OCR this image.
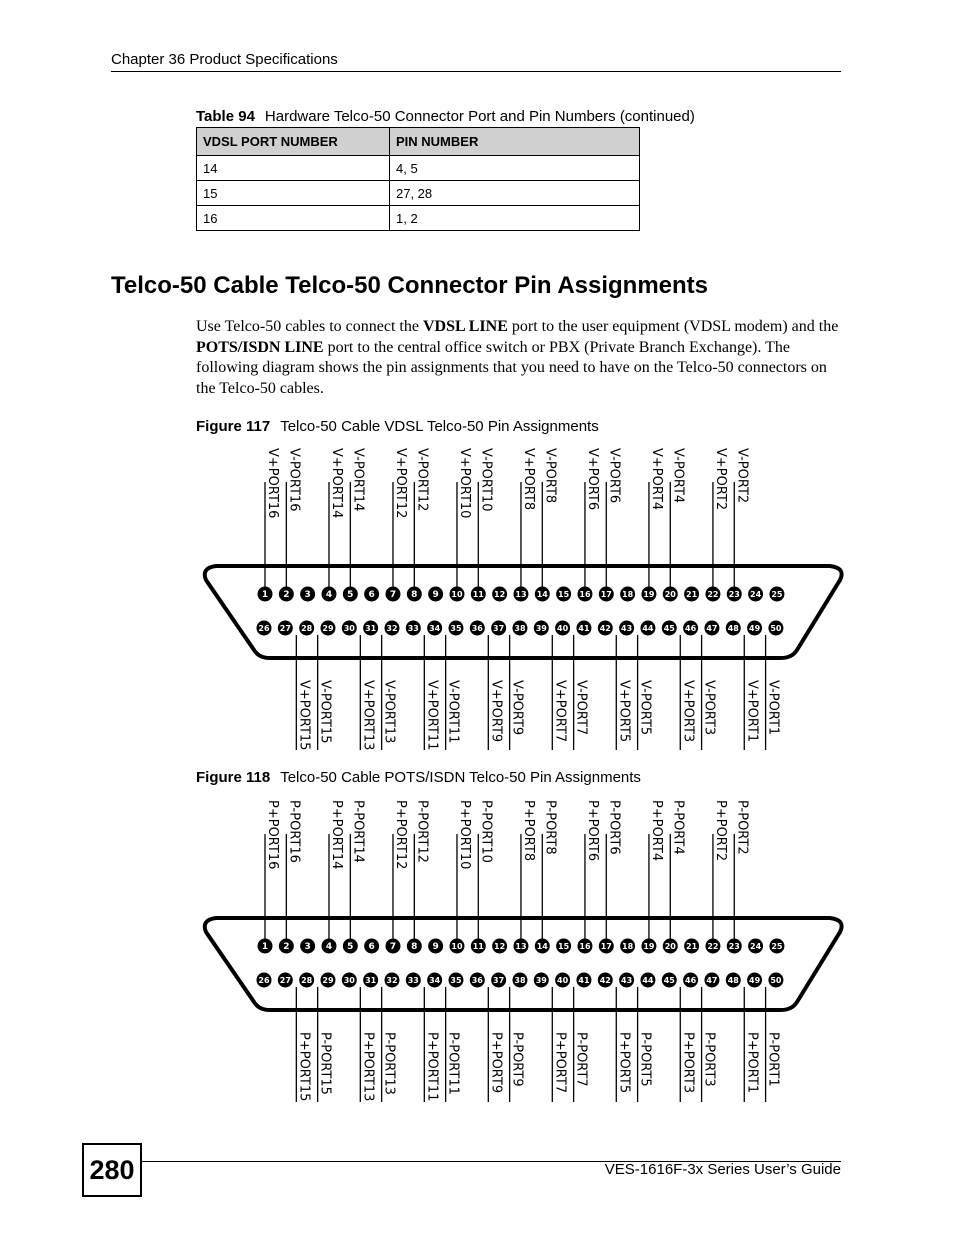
Chapter 36 Product Specifications
Table 94 Hardware Telco-50 Connector Port and Pin Numbers (continued)
VDSL PORT NUMBER	PIN NUMBER
14	4, 5
15	27, 28
16	1, 2
Telco-50 Cable Telco-50 Connector Pin Assignments
Use Telco-50 cables to connect the VDSL LINE port to the user equipment (VDSL modem) and the POTS/ISDN LINE port to the central office switch or PBX (Private Branch Exchange). The following diagram shows the pin assignments that you need to have on the Telco-50 connectors on the Telco-50 cables.
Figure 117 Telco-50 Cable VDSL Telco-50 Pin Assignments
V+PORT16 V-PORT16 V+PORT14 V-PORT14 V+PORT12 V-PORT12 V+PORT10 V-PORT10 V+PORT8 V-PORT8 V+PORT6 V-PORT6 V+PORT4 V-PORT4 V+PORT2 V-PORT2
V+PORT15 V-PORT15 V+PORT13 V-PORT13 V+PORT11 V-PORT11 V+PORT9 V-PORT9 V+PORT7 V-PORT7 V+PORT5 V-PORT5 V+PORT3 V-PORT3 V+PORT1 V-PORT1
1 2 3 4 5 6 7 8 9 10 11 12 13 14 15 16 17 18 19 20 21 22 23 24 25
26 27 28 29 30 31 32 33 34 35 36 37 38 39 40 41 42 43 44 45 46 47 48 49 50
Figure 118 Telco-50 Cable POTS/ISDN Telco-50 Pin Assignments
P+PORT16 P-PORT16 P+PORT14 P-PORT14 P+PORT12 P-PORT12 P+PORT10 P-PORT10 P+PORT8 P-PORT8 P+PORT6 P-PORT6 P+PORT4 P-PORT4 P+PORT2 P-PORT2
P+PORT15 P-PORT15 P+PORT13 P-PORT13 P+PORT11 P-PORT11 P+PORT9 P-PORT9 P+PORT7 P-PORT7 P+PORT5 P-PORT5 P+PORT3 P-PORT3 P+PORT1 P-PORT1
1 2 3 4 5 6 7 8 9 10 11 12 13 14 15 16 17 18 19 20 21 22 23 24 25
26 27 28 29 30 31 32 33 34 35 36 37 38 39 40 41 42 43 44 45 46 47 48 49 50
280	VES-1616F-3x Series User’s Guide
